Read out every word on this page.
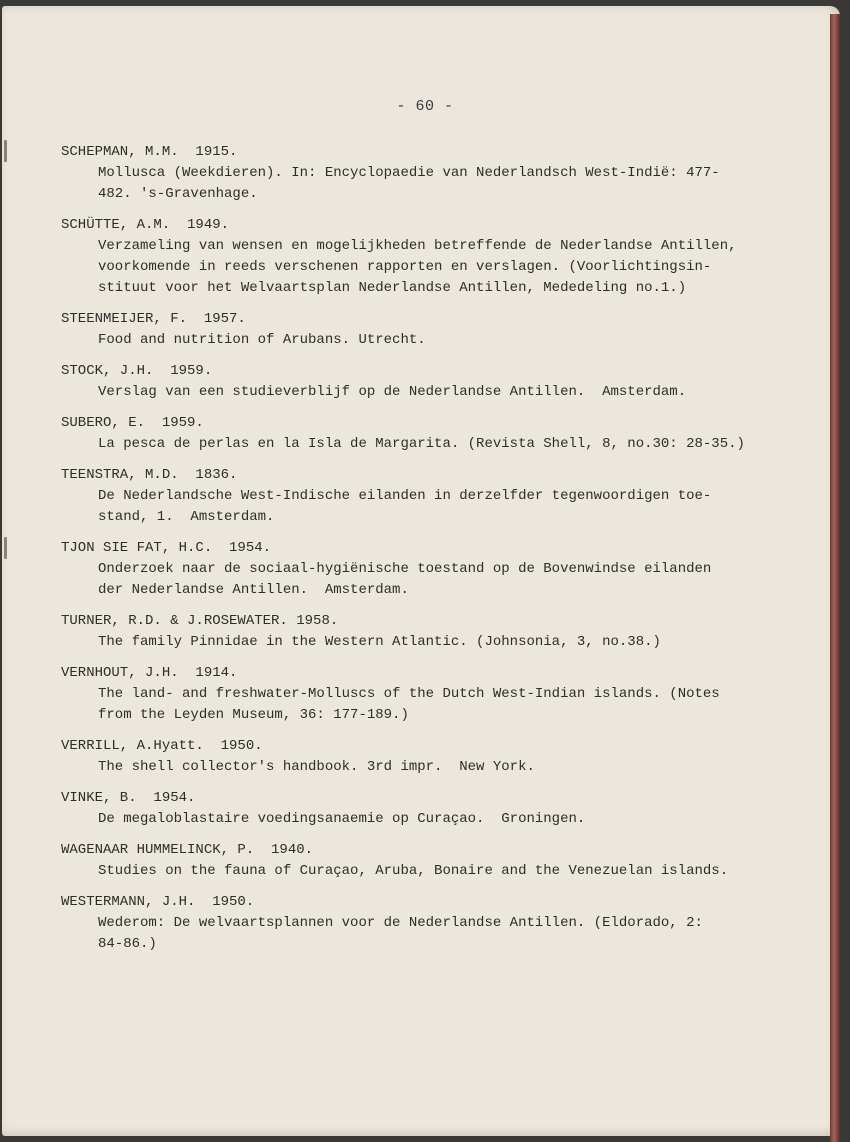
- 60 -
SCHEPMAN, M.M.  1915.
Mollusca (Weekdieren). In: Encyclopaedie van Nederlandsch West-Indië: 477-
482. 's-Gravenhage.
SCHÜTTE, A.M.  1949.
Verzameling van wensen en mogelijkheden betreffende de Nederlandse Antillen,
voorkomende in reeds verschenen rapporten en verslagen. (Voorlichtingsin-
stituut voor het Welvaartsplan Nederlandse Antillen, Mededeling no.1.)
STEENMEIJER, F.  1957.
Food and nutrition of Arubans. Utrecht.
STOCK, J.H.  1959.
Verslag van een studieverblijf op de Nederlandse Antillen.  Amsterdam.
SUBERO, E.  1959.
La pesca de perlas en la Isla de Margarita. (Revista Shell, 8, no.30: 28-35.)
TEENSTRA, M.D.  1836.
De Nederlandsche West-Indische eilanden in derzelfder tegenwoordigen toe-
stand, 1.  Amsterdam.
TJON SIE FAT, H.C.  1954.
Onderzoek naar de sociaal-hygiënische toestand op de Bovenwindse eilanden
der Nederlandse Antillen.  Amsterdam.
TURNER, R.D. & J.ROSEWATER. 1958.
The family Pinnidae in the Western Atlantic. (Johnsonia, 3, no.38.)
VERNHOUT, J.H.  1914.
The land- and freshwater-Molluscs of the Dutch West-Indian islands. (Notes
from the Leyden Museum, 36: 177-189.)
VERRILL, A.Hyatt.  1950.
The shell collector's handbook. 3rd impr.  New York.
VINKE, B.  1954.
De megaloblastaire voedingsanaemie op Curaçao.  Groningen.
WAGENAAR HUMMELINCK, P.  1940.
Studies on the fauna of Curaçao, Aruba, Bonaire and the Venezuelan islands.
WESTERMANN, J.H.  1950.
Wederom: De welvaartsplannen voor de Nederlandse Antillen. (Eldorado, 2:
84-86.)
